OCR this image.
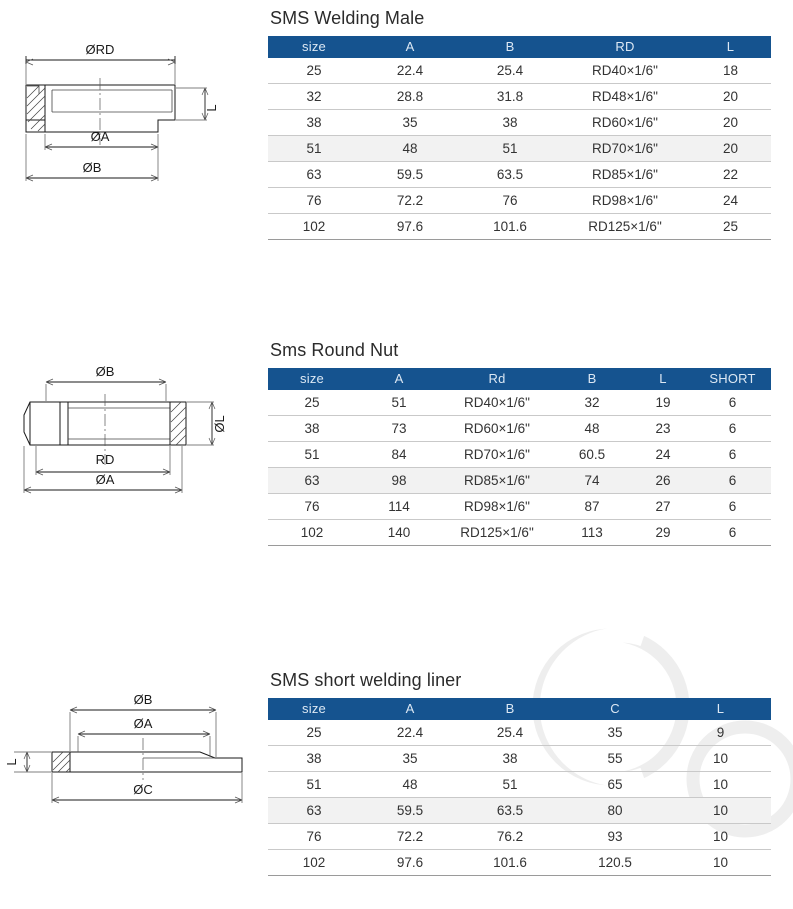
ØRD
ØA
ØB
L
SMS Welding Male
size	A	B	RD	L
25	22.4	25.4	RD40×1/6"	18
32	28.8	31.8	RD48×1/6"	20
38	35	38	RD60×1/6"	20
51	48	51	RD70×1/6"	20
63	59.5	63.5	RD85×1/6"	22
76	72.2	76	RD98×1/6"	24
102	97.6	101.6	RD125×1/6"	25
ØB
RD
ØA
ØL
Sms Round Nut
size	A	Rd	B	L	SHORT
25	51	RD40×1/6"	32	19	6
38	73	RD60×1/6"	48	23	6
51	84	RD70×1/6"	60.5	24	6
63	98	RD85×1/6"	74	26	6
76	114	RD98×1/6"	87	27	6
102	140	RD125×1/6"	113	29	6
ØB
ØA
ØC
L
SMS short welding liner
size	A	B	C	L
25	22.4	25.4	35	9
38	35	38	55	10
51	48	51	65	10
63	59.5	63.5	80	10
76	72.2	76.2	93	10
102	97.6	101.6	120.5	10
